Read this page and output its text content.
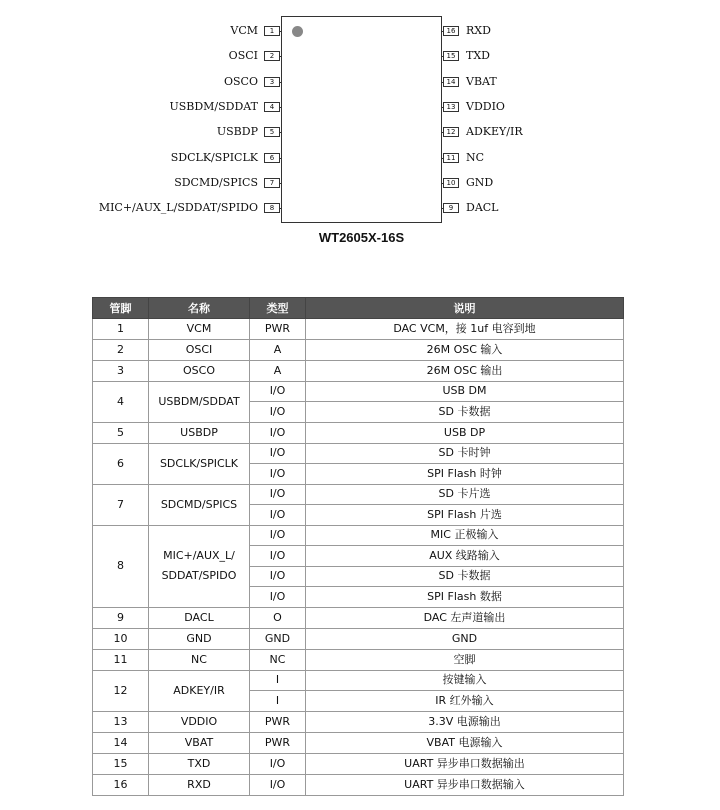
WT2605X-16S
VCM	1
OSCI	2
OSCO	3
USBDM/SDDAT	4
USBDP	5
SDCLK/SPICLK	6
SDCMD/SPICS	7
MIC+/AUX_L/SDDAT/SPIDO	8
RXD
16
TXD
15
VBAT
14
VDDIO
13
ADKEY/IR
12
NC
11
GND
10
DACL
9
管脚	名称	类型	说明
1	VCM	PWR	DAC VCM，接 1uf 电容到地
2	OSCI	A	26M OSC 输入
3	OSCO	A	26M OSC 输出
4	USBDM/SDDAT	I/O	USB DM
		I/O	SD 卡数据
5	USBDP	I/O	USB DP
6	SDCLK/SPICLK	I/O	SD 卡时钟
		I/O	SPI Flash 时钟
7	SDCMD/SPICS	I/O	SD 卡片选
		I/O	SPI Flash 片选
8	MIC+/AUX_L/
SDDAT/SPIDO	I/O	MIC 正极输入
		I/O	AUX 线路输入
		I/O	SD 卡数据
		I/O	SPI Flash 数据
9	DACL	O	DAC 左声道输出
10	GND	GND	GND
11	NC	NC	空脚
12	ADKEY/IR	I	按键输入
		I	IR 红外输入
13	VDDIO	PWR	3.3V 电源输出
14	VBAT	PWR	VBAT 电源输入
15	TXD	I/O	UART 异步串口数据输出
16	RXD	I/O	UART 异步串口数据输入
